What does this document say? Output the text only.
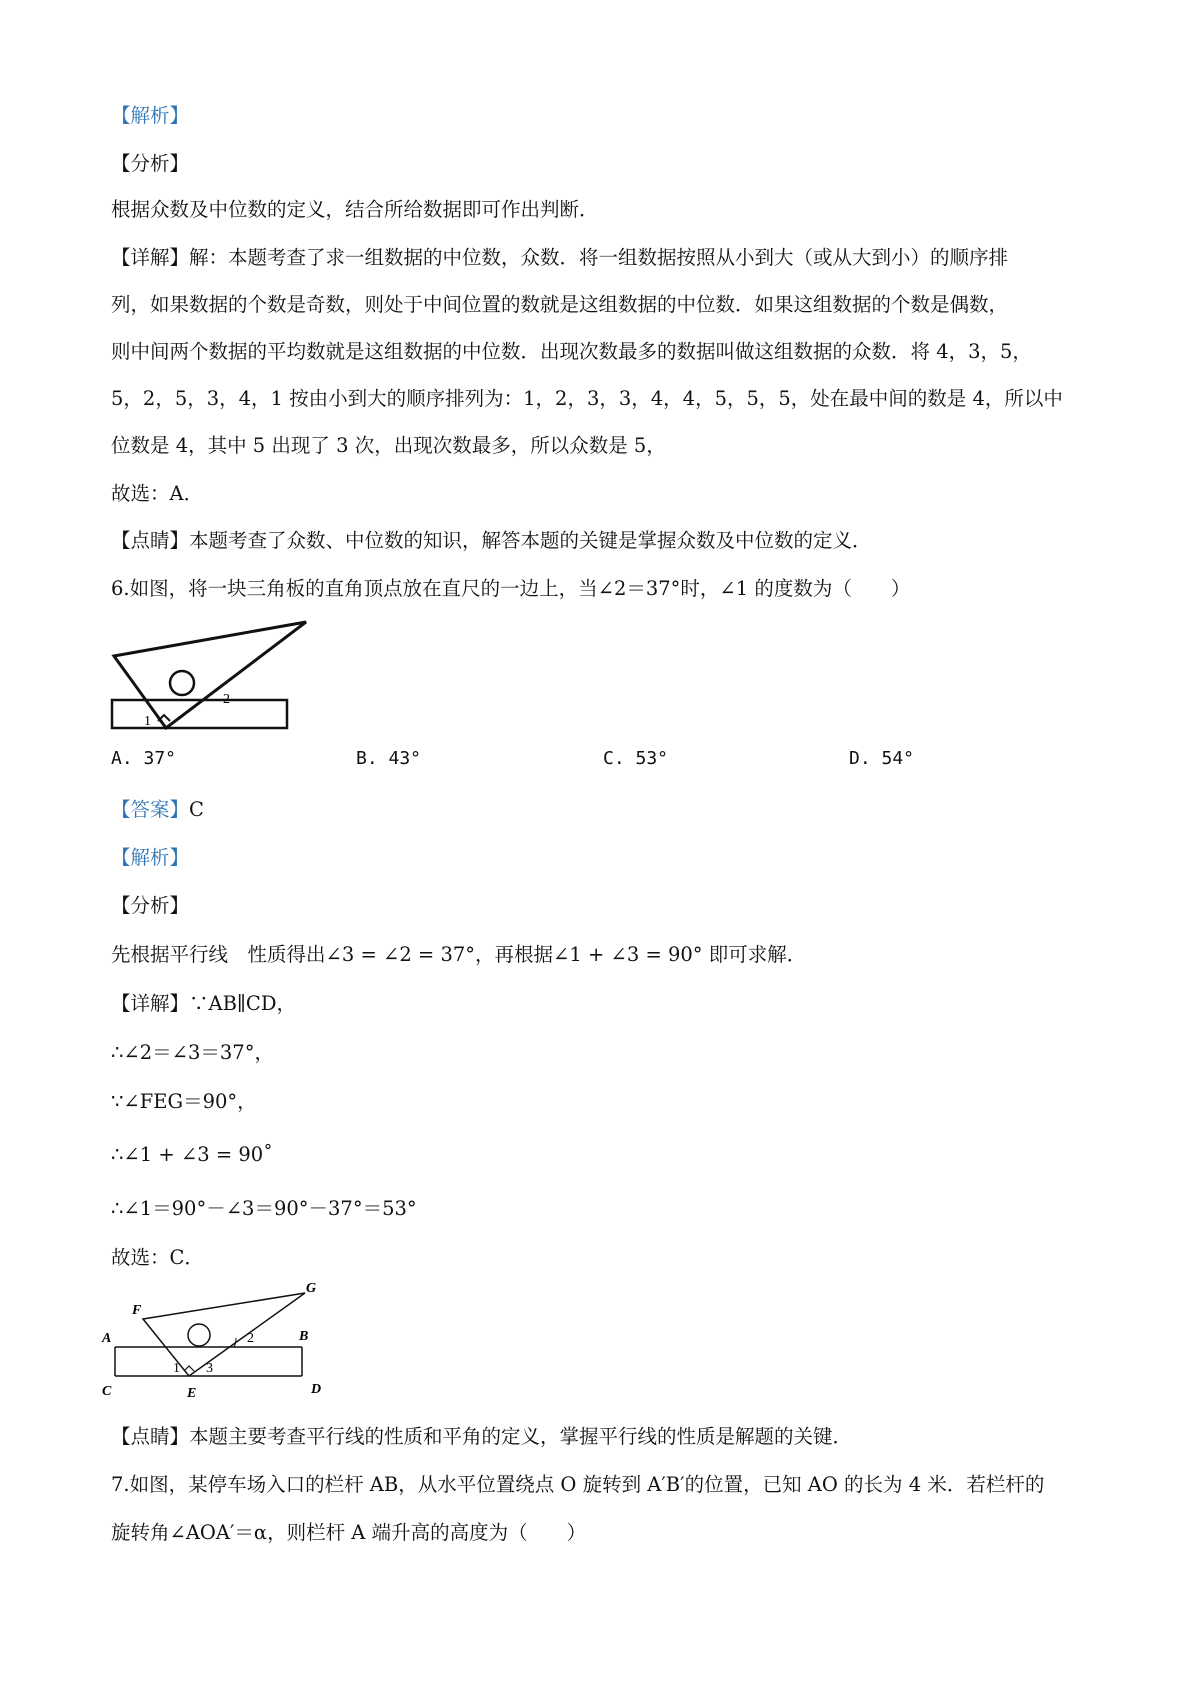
【解析】
【分析】
根据众数及中位数的定义，结合所给数据即可作出判断．
【详解】解：本题考查了求一组数据的中位数，众数．将一组数据按照从小到大（或从大到小）的顺序排
列，如果数据的个数是奇数，则处于中间位置的数就是这组数据的中位数．如果这组数据的个数是偶数，
则中间两个数据的平均数就是这组数据的中位数．出现次数最多的数据叫做这组数据的众数．将 4，3，5，
5，2，5，3，4，1 按由小到大的顺序排列为：1，2，3，3，4，4，5，5，5，处在最中间的数是 4，所以中
位数是 4，其中 5 出现了 3 次，出现次数最多，所以众数是 5，
故选：A．
【点睛】本题考查了众数、中位数的知识，解答本题的关键是掌握众数及中位数的定义．
6.如图，将一块三角板的直角顶点放在直尺的一边上，当∠2＝37°时，∠1 的度数为（　　）
1
2
A. 37°	B. 43°	C. 53°	D. 54°
【答案】C
【解析】
【分析】
先根据平行线　性质得出∠3 = ∠2 = 37°，再根据∠1 + ∠3 = 90° 即可求解．
【详解】∵AB∥CD，
∴∠2＝∠3＝37°，
∵∠FEG＝90°，
∴∠1 + ∠3 = 90˚
∴∠1＝90°－∠3＝90°－37°＝53°
故选：C．
F
G
A	B
C	D
E
1
2
3
【点睛】本题主要考查平行线的性质和平角的定义，掌握平行线的性质是解题的关键．
7.如图，某停车场入口的栏杆 AB，从水平位置绕点 O 旋转到 A′B′的位置，已知 AO 的长为 4 米．若栏杆的
旋转角∠AOA′＝α，则栏杆 A 端升高的高度为（　　）
